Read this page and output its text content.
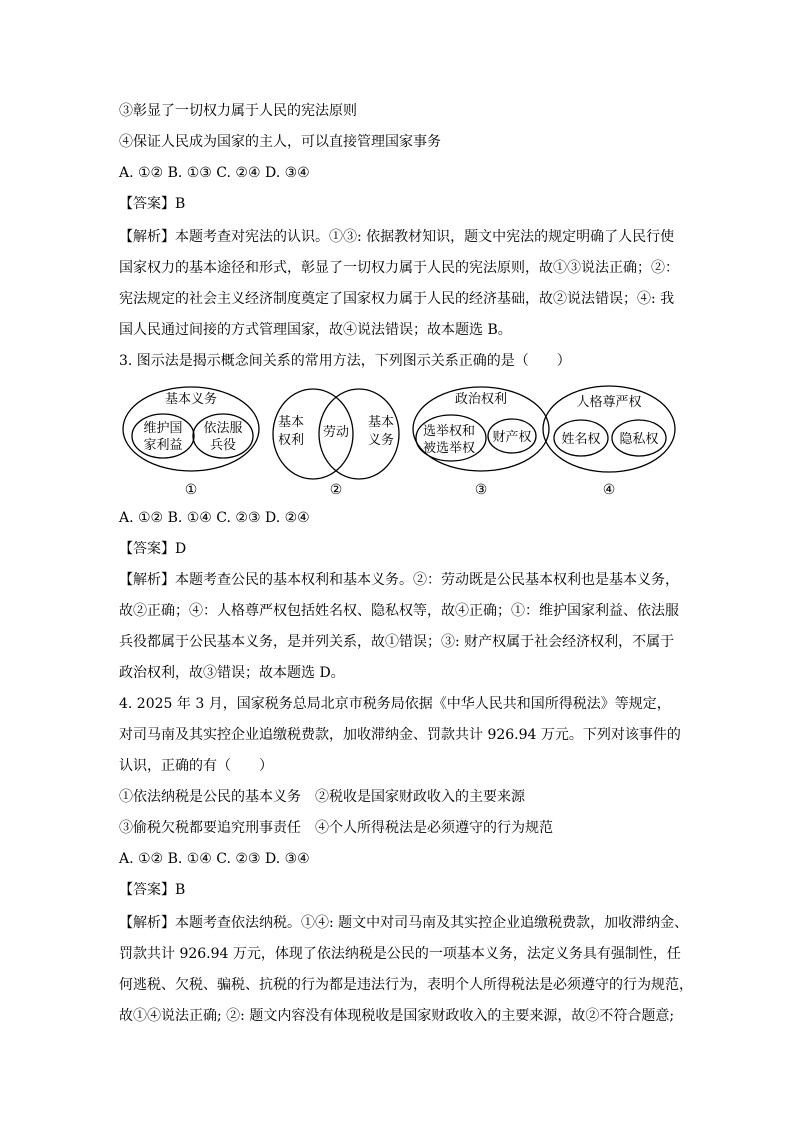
③彰显了一切权力属于人民的宪法原则
④保证人民成为国家的主人，可以直接管理国家事务
A. ①② B. ①③ C. ②④ D. ③④
【答案】B
【解析】本题考查对宪法的认识。①③: 依据教材知识，题文中宪法的规定明确了人民行使
国家权力的基本途径和形式，彰显了一切权力属于人民的宪法原则，故①③说法正确；②：
宪法规定的社会主义经济制度奠定了国家权力属于人民的经济基础，故②说法错误；④: 我
国人民通过间接的方式管理国家，故④说法错误；故本题选 B。
3. 图示法是揭示概念间关系的常用方法，下列图示关系正确的是（　　）
基本义务
维护国
家利益
依法服
兵役
①
基本
权利
劳动
基本
义务
②
政治权利
选举权和
被选举权
财产权
③
人格尊严权
姓名权 隐私权
④
A. ①② B. ①④ C. ②③ D. ②④
【答案】D
【解析】本题考查公民的基本权利和基本义务。②：劳动既是公民基本权利也是基本义务，
故②正确；④：人格尊严权包括姓名权、隐私权等，故④正确；①：维护国家利益、依法服
兵役都属于公民基本义务，是并列关系，故①错误；③: 财产权属于社会经济权利，不属于
政治权利，故③错误；故本题选 D。
4. 2025 年 3 月，国家税务总局北京市税务局依据《中华人民共和国所得税法》等规定，
对司马南及其实控企业追缴税费款，加收滞纳金、罚款共计 926.94 万元。下列对该事件的
认识，正确的有（　　）
①依法纳税是公民的基本义务　②税收是国家财政收入的主要来源
③偷税欠税都要追究刑事责任　④个人所得税法是必须遵守的行为规范
A. ①② B. ①④ C. ②③ D. ③④
【答案】B
【解析】本题考查依法纳税。①④: 题文中对司马南及其实控企业追缴税费款，加收滞纳金、
罚款共计 926.94 万元，体现了依法纳税是公民的一项基本义务，法定义务具有强制性，任
何逃税、欠税、骗税、抗税的行为都是违法行为，表明个人所得税法是必须遵守的行为规范，
故①④说法正确; ②: 题文内容没有体现税收是国家财政收入的主要来源，故②不符合题意;
